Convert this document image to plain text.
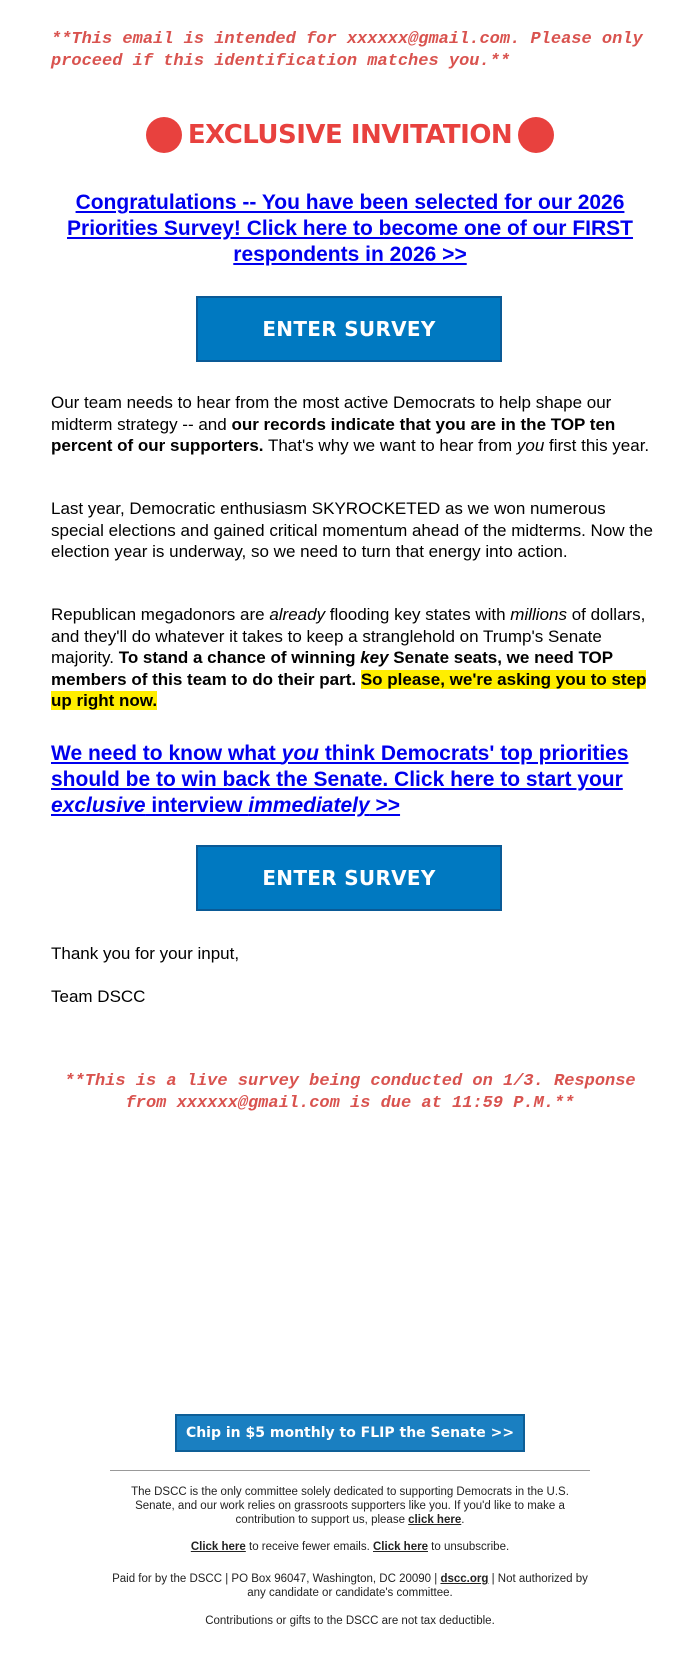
**This email is intended for xxxxxx@gmail.com. Please only proceed if this identification matches you.**
EXCLUSIVE INVITATION
Congratulations -- You have been selected for our 2026 Priorities Survey! Click here to become one of our FIRST respondents in 2026 >>
ENTER SURVEY
Our team needs to hear from the most active Democrats to help shape our midterm strategy -- and our records indicate that you are in the TOP ten percent of our supporters. That's why we want to hear from you first this year.
Last year, Democratic enthusiasm SKYROCKETED as we won numerous special elections and gained critical momentum ahead of the midterms. Now the election year is underway, so we need to turn that energy into action.
Republican megadonors are already flooding key states with millions of dollars, and they'll do whatever it takes to keep a stranglehold on Trump's Senate majority. To stand a chance of winning key Senate seats, we need TOP members of this team to do their part. So please, we're asking you to step up right now.
We need to know what you think Democrats' top priorities should be to win back the Senate. Click here to start your exclusive interview immediately >>
ENTER SURVEY
Thank you for your input,
Team DSCC
**This is a live survey being conducted on 1/3. Response from xxxxxx@gmail.com is due at 11:59 P.M.**
Chip in $5 monthly to FLIP the Senate >>
The DSCC is the only committee solely dedicated to supporting Democrats in the U.S. Senate, and our work relies on grassroots supporters like you. If you'd like to make a contribution to support us, please click here.
Click here to receive fewer emails. Click here to unsubscribe.
Paid for by the DSCC | PO Box 96047, Washington, DC 20090 | dscc.org | Not authorized by any candidate or candidate's committee.
Contributions or gifts to the DSCC are not tax deductible.
